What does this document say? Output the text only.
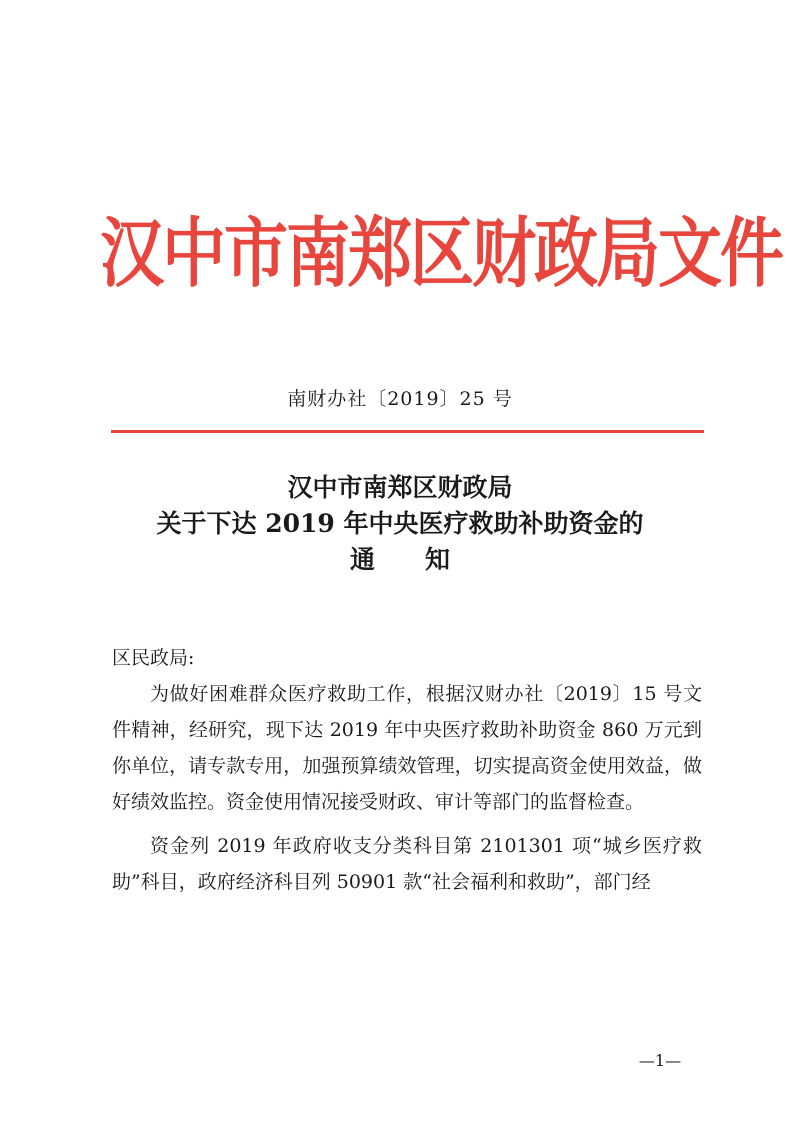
汉中市南郑区财政局文件
南财办社〔2019〕25 号
汉中市南郑区财政局
关于下达 2019 年中央医疗救助补助资金的
通　　知

区民政局:

为做好困难群众医疗救助工作，根据汉财办社〔2019〕15 号文件精神，经研究，现下达 2019 年中央医疗救助补助资金 860 万元到你单位，请专款专用，加强预算绩效管理，切实提高资金使用效益，做好绩效监控。资金使用情况接受财政、审计等部门的监督检查。

资金列 2019 年政府收支分类科目第 2101301 项“城乡医疗救助”科目，政府经济科目列 50901 款“社会福利和救助”，部门经

—1—
